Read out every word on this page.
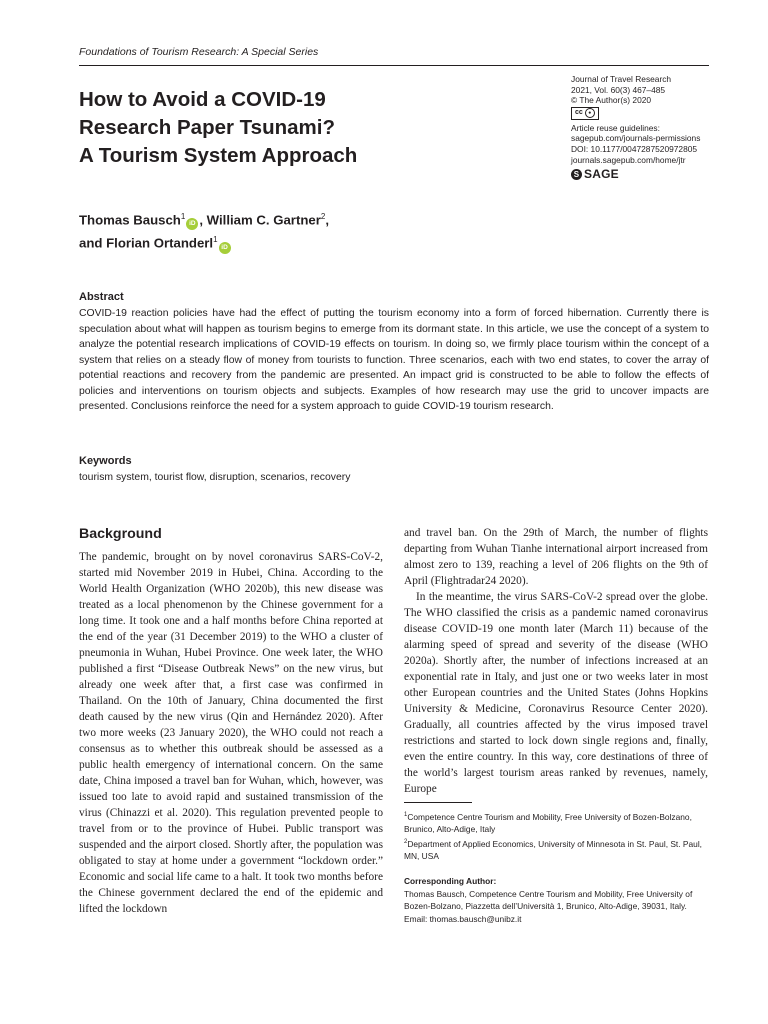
Foundations of Tourism Research: A Special Series
How to Avoid a COVID-19
Research Paper Tsunami?
A Tourism System Approach
Journal of Travel Research
2021, Vol. 60(3) 467–485
© The Author(s) 2020
cc	●
Article reuse guidelines:
sagepub.com/journals-permissions
DOI: 10.1177/0047287520972805
journals.sagepub.com/home/jtr
S SAGE
Thomas Bausch$^1$iD , William C. Gartner$^2$,
and Florian Ortanderl$^1$iD
Abstract
COVID-19 reaction policies have had the effect of putting the tourism economy into a form of forced hibernation. Currently there is speculation about what will happen as tourism begins to emerge from its dormant state. In this article, we use the concept of a system to analyze the potential research implications of COVID-19 effects on tourism. In doing so, we firmly place tourism within the concept of a system that relies on a steady flow of money from tourists to function. Three scenarios, each with two end states, to cover the array of potential reactions and recovery from the pandemic are presented. An impact grid is constructed to be able to follow the effects of policies and interventions on tourism objects and subjects. Examples of how research may use the grid to uncover impacts are presented. Conclusions reinforce the need for a system approach to guide COVID-19 tourism research.
Keywords
tourism system, tourist flow, disruption, scenarios, recovery
Background

The pandemic, brought on by novel coronavirus SARS-CoV-2, started mid November 2019 in Hubei, China. According to the World Health Organization (WHO 2020b), this new disease was treated as a local phenomenon by the Chinese government for a long time. It took one and a half months before China reported at the end of the year (31 December 2019) to the WHO a cluster of pneumonia in Wuhan, Hubei Province. One week later, the WHO published a first “Disease Outbreak News” on the new virus, but already one week after that, a first case was confirmed in Thailand. On the 10th of January, China documented the first death caused by the new virus (Qin and Hernández 2020). After two more weeks (23 January 2020), the WHO could not reach a consensus as to whether this outbreak should be assessed as a public health emergency of international concern. On the same date, China imposed a travel ban for Wuhan, which, however, was issued too late to avoid rapid and sustained transmission of the virus (Chinazzi et al. 2020). This regulation prevented people to travel from or to the province of Hubei. Public transport was suspended and the airport closed. Shortly after, the population was obligated to stay at home under a government “lockdown order.” Economic and social life came to a halt. It took two months before the Chinese government declared the end of the epidemic and lifted the lockdown

and travel ban. On the 29th of March, the number of flights departing from Wuhan Tianhe international airport increased from almost zero to 139, reaching a level of 206 flights on the 9th of April (Flightradar24 2020).

In the meantime, the virus SARS-CoV-2 spread over the globe. The WHO classified the crisis as a pandemic named coronavirus disease COVID-19 one month later (March 11) because of the alarming speed of spread and severity of the disease (WHO 2020a). Shortly after, the number of infections increased at an exponential rate in Italy, and just one or two weeks later in most other European countries and the United States (Johns Hopkins University & Medicine, Coronavirus Resource Center 2020). Gradually, all countries affected by the virus imposed travel restrictions and started to lock down single regions and, finally, even the entire country. In this way, core destinations of three of the world’s largest tourism areas ranked by revenues, namely, Europe

$^1$Competence Centre Tourism and Mobility, Free University of Bozen-Bolzano, Brunico, Alto-Adige, Italy

$^2$Department of Applied Economics, University of Minnesota in St. Paul, St. Paul, MN, USA

Corresponding Author:

Thomas Bausch, Competence Centre Tourism and Mobility, Free University of Bozen-Bolzano, Piazzetta dell’Università 1, Brunico, Alto-Adige, 39031, Italy.

Email: thomas.bausch@unibz.it
